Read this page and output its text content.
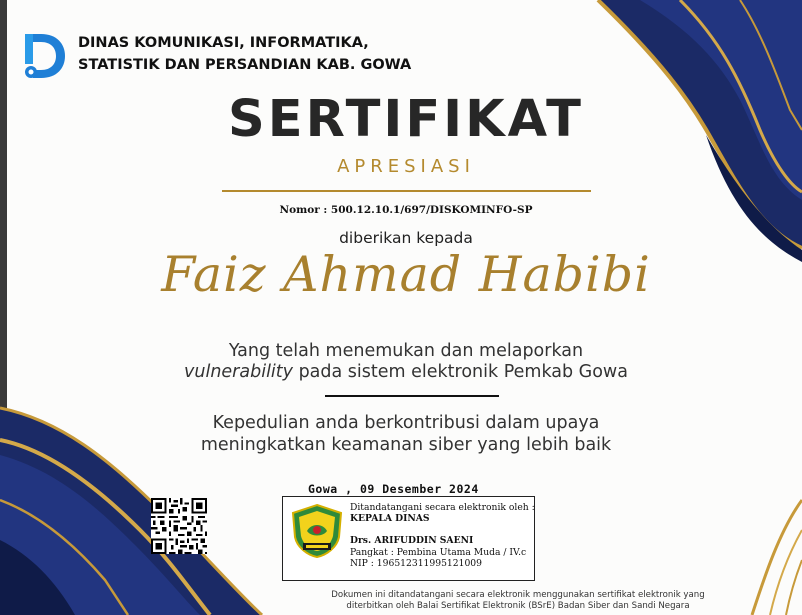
DINAS KOMUNIKASI, INFORMATIKA,
STATISTIK DAN PERSANDIAN KAB. GOWA
SERTIFIKAT
APRESIASI
Nomor : 500.12.10.1/697/DISKOMINFO-SP
diberikan kepada
Faiz Ahmad Habibi
Yang telah menemukan dan melaporkan
vulnerability pada sistem elektronik Pemkab Gowa
Kepedulian anda berkontribusi dalam upaya
meningkatkan keamanan siber yang lebih baik
Gowa , 09 Desember 2024
Ditandatangani secara elektronik oleh :
KEPALA DINAS
Drs. ARIFUDDIN SAENI
Pangkat : Pembina Utama Muda / IV.c
NIP : 196512311995121009
Dokumen ini ditandatangani secara elektronik menggunakan sertifikat elektronik yang
diterbitkan oleh Balai Sertifikat Elektronik (BSrE) Badan Siber dan Sandi Negara
